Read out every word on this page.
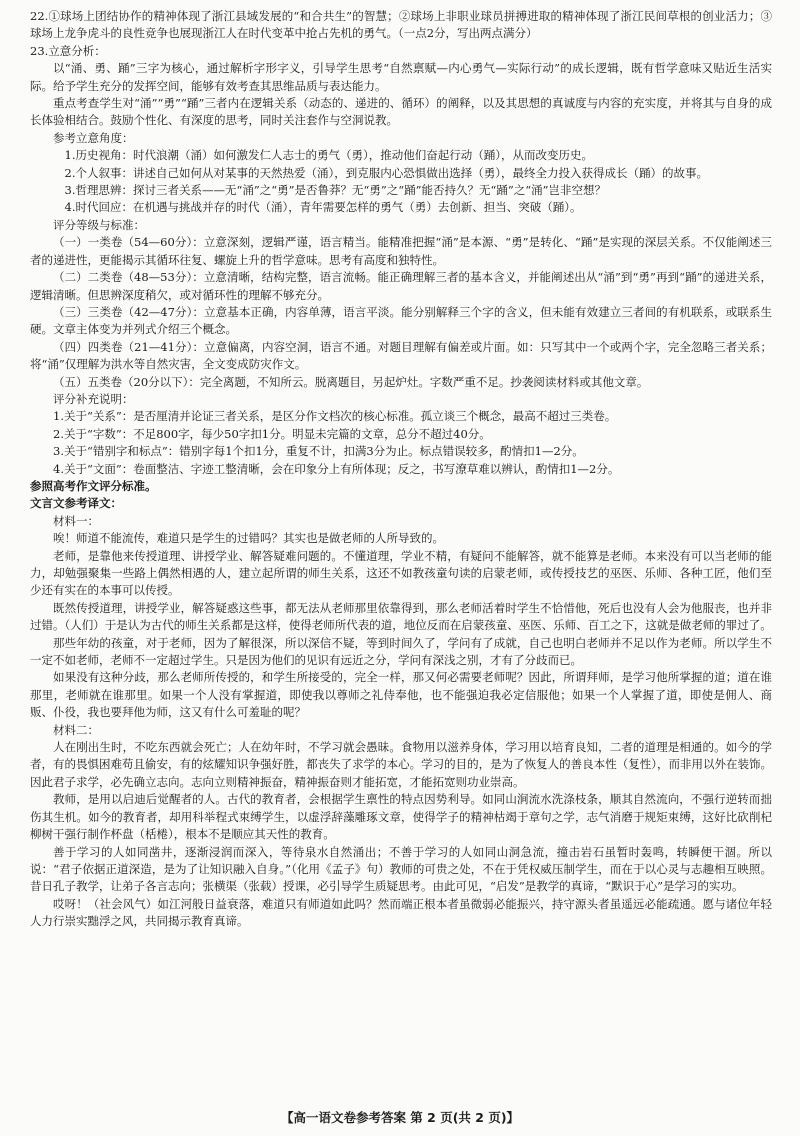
22.①球场上团结协作的精神体现了浙江县域发展的“和合共生”的智慧；②球场上非职业球员拼搏进取的精神体现了浙江民间草根的创业活力；③球场上龙争虎斗的良性竞争也展现浙江人在时代变革中抢占先机的勇气。（一点2分，写出两点满分）

23.立意分析：

以“涌、勇、踊”三字为核心，通过解析字形字义，引导学生思考“自然禀赋—内心勇气—实际行动”的成长逻辑，既有哲学意味又贴近生活实际。给予学生充分的发挥空间，能够有效考查其思维品质与表达能力。

重点考查学生对“涌”“勇”“踊”三者内在逻辑关系（动态的、递进的、循环）的阐释，以及其思想的真诚度与内容的充实度，并将其与自身的成长体验相结合。鼓励个性化、有深度的思考，同时关注套作与空洞说教。

参考立意角度：

1.历史视角：时代浪潮（涌）如何激发仁人志士的勇气（勇），推动他们奋起行动（踊），从而改变历史。

2.个人叙事：讲述自己如何从对某事的天然热爱（涌），到克服内心恐惧做出选择（勇），最终全力投入获得成长（踊）的故事。

3.哲理思辨：探讨三者关系——无“涌”之“勇”是否鲁莽？无“勇”之“踊”能否持久？无“踊”之“涌”岂非空想？

4.时代回应：在机遇与挑战并存的时代（涌），青年需要怎样的勇气（勇）去创新、担当、突破（踊）。

评分等级与标准：

（一）一类卷（54—60分）：立意深刻，逻辑严谨，语言精当。能精准把握“涌”是本源、“勇”是转化、“踊”是实现的深层关系。不仅能阐述三者的递进性，更能揭示其循环往复、螺旋上升的哲学意味。思考有高度和独特性。

（二）二类卷（48—53分）：立意清晰，结构完整，语言流畅。能正确理解三者的基本含义，并能阐述出从“涌”到“勇”再到“踊”的递进关系，逻辑清晰。但思辨深度稍欠，或对循环性的理解不够充分。

（三）三类卷（42—47分）：立意基本正确，内容单薄，语言平淡。能分别解释三个字的含义，但未能有效建立三者间的有机联系，或联系生硬。文章主体变为并列式介绍三个概念。

（四）四类卷（21—41分）：立意偏离，内容空洞，语言不通。对题目理解有偏差或片面。如：只写其中一个或两个字，完全忽略三者关系；将“涌”仅理解为洪水等自然灾害，全文变成防灾作文。

（五）五类卷（20分以下）：完全离题，不知所云。脱离题目，另起炉灶。字数严重不足。抄袭阅读材料或其他文章。

评分补充说明：

1.关于“关系”：是否厘清并论证三者关系，是区分作文档次的核心标准。孤立谈三个概念，最高不超过三类卷。

2.关于“字数”：不足800字，每少50字扣1分。明显未完篇的文章，总分不超过40分。

3.关于“错别字和标点”：错别字每1个扣1分，重复不计，扣满3分为止。标点错误较多，酌情扣1—2分。

4.关于“文面”：卷面整洁、字迹工整清晰，会在印象分上有所体现；反之，书写潦草难以辨认，酌情扣1—2分。

参照高考作文评分标准。

文言文参考译文：

材料一：

唉！师道不能流传，难道只是学生的过错吗？其实也是做老师的人所导致的。

老师，是靠他来传授道理、讲授学业、解答疑难问题的。不懂道理，学业不精，有疑问不能解答，就不能算是老师。本来没有可以当老师的能力，却勉强聚集一些路上偶然相遇的人，建立起所谓的师生关系，这还不如教孩童句读的启蒙老师，或传授技艺的巫医、乐师、各种工匠，他们至少还有实在的本事可以传授。

既然传授道理，讲授学业，解答疑惑这些事，都无法从老师那里依靠得到，那么老师活着时学生不恰惜他，死后也没有人会为他服丧，也并非过错。（人们）于是认为古代的师生关系都是这样，使得老师所代表的道，地位反而在启蒙孩童、巫医、乐师、百工之下，这就是做老师的罪过了。

那些年幼的孩童，对于老师，因为了解很深，所以深信不疑，等到时间久了，学问有了成就，自己也明白老师并不足以作为老师。所以学生不一定不如老师，老师不一定超过学生。只是因为他们的见识有远近之分，学问有深浅之别，才有了分歧而已。

如果没有这种分歧，那么老师所传授的，和学生所接受的，完全一样，那又何必需要老师呢？因此，所谓拜师，是学习他所掌握的道；道在谁那里，老师就在谁那里。如果一个人没有掌握道，即使我以尊师之礼侍奉他，也不能强迫我必定信服他；如果一个人掌握了道，即使是佣人、商贩、仆役，我也要拜他为师，这又有什么可羞耻的呢？

材料二：

人在刚出生时，不吃东西就会死亡；人在幼年时，不学习就会愚昧。食物用以滋养身体，学习用以培育良知，二者的道理是相通的。如今的学者，有的畏惧困难苟且偷安，有的炫耀知识争强好胜，都丧失了求学的本心。学习的目的，是为了恢复人的善良本性（复性），而非用以外在装饰。因此君子求学，必先确立志向。志向立则精神振奋，精神振奋则才能拓宽，才能拓宽则功业崇高。

教师，是用以启迪后觉醒者的人。古代的教育者，会根据学生禀性的特点因势利导。如同山涧流水洗涤枝条，顺其自然流向，不强行逆转而拙伤其生机。如今的教育者，却用科举程式束缚学生，以虚浮辞藻雕琢文章，使得学子的精神枯竭于章句之学，志气消磨于规矩束缚，这好比砍削杞柳树干强行制作杯盘（栝棬），根本不是顺应其天性的教育。

善于学习的人如同凿井，逐渐浸润而深入，等待泉水自然涌出；不善于学习的人如同山洞急流，撞击岩石虽暂时轰鸣，转瞬便干涸。所以说：“君子依据正道深造，是为了让知识融入自身。”（化用《孟子》句）教师的可贵之处，不在于凭权威压制学生，而在于以心灵与志趣相互映照。昔日孔子教学，让弟子各言志向；张横渠（张载）授课，必引导学生质疑思考。由此可见，“启发”是教学的真谛，“默识于心”是学习的实功。

哎呀！（社会风气）如江河般日益衰落，难道只有师道如此吗？然而端正根本者虽微弱必能振兴，持守源头者虽遥远必能疏通。愿与诸位年轻人力行崇实黜浮之风，共同揭示教育真谛。

【高一语文卷参考答案 第 2 页(共 2 页)】
